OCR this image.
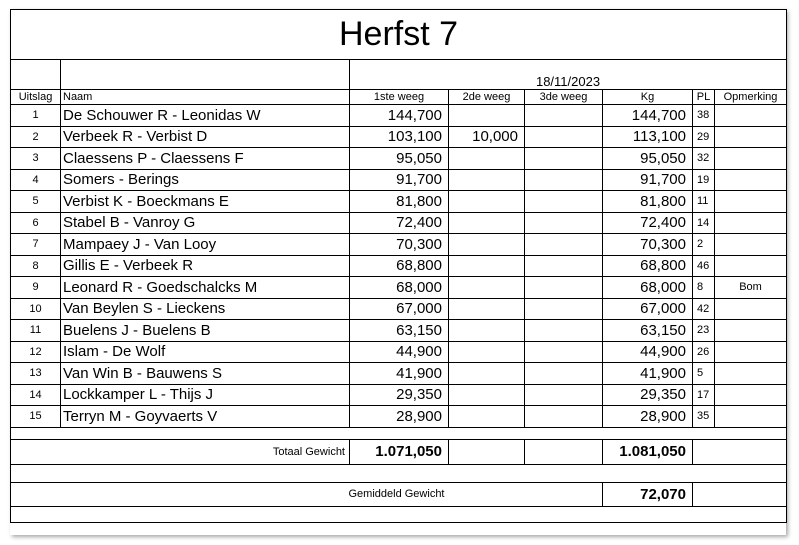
Herfst 7							
		18/11/2023					
Uitslag	Naam	1ste weeg	2de weeg	3de weeg	Kg	PL	Opmerking
1	De Schouwer R - Leonidas W	144,700			144,700	38	
2	Verbeek R - Verbist D	103,100	10,000		113,100	29	
3	Claessens P - Claessens F	95,050			95,050	32	
4	Somers - Berings	91,700			91,700	19	
5	Verbist K - Boeckmans E	81,800			81,800	11	
6	Stabel B - Vanroy G	72,400			72,400	14	
7	Mampaey J - Van Looy	70,300			70,300	2	
8	Gillis E - Verbeek R	68,800			68,800	46	
9	Leonard R - Goedschalcks M	68,000			68,000	8	Bom
10	Van Beylen S - Lieckens	67,000			67,000	42	
11	Buelens J - Buelens B	63,150			63,150	23	
12	Islam - De Wolf	44,900			44,900	26	
13	Van Win B - Bauwens S	41,900			41,900	5	
14	Lockkamper L - Thijs J	29,350			29,350	17	
15	Terryn M - Goyvaerts V	28,900			28,900	35	

	Totaal Gewicht	1.071,050			1.081,050		

	Gemiddeld Gewicht				72,070		
